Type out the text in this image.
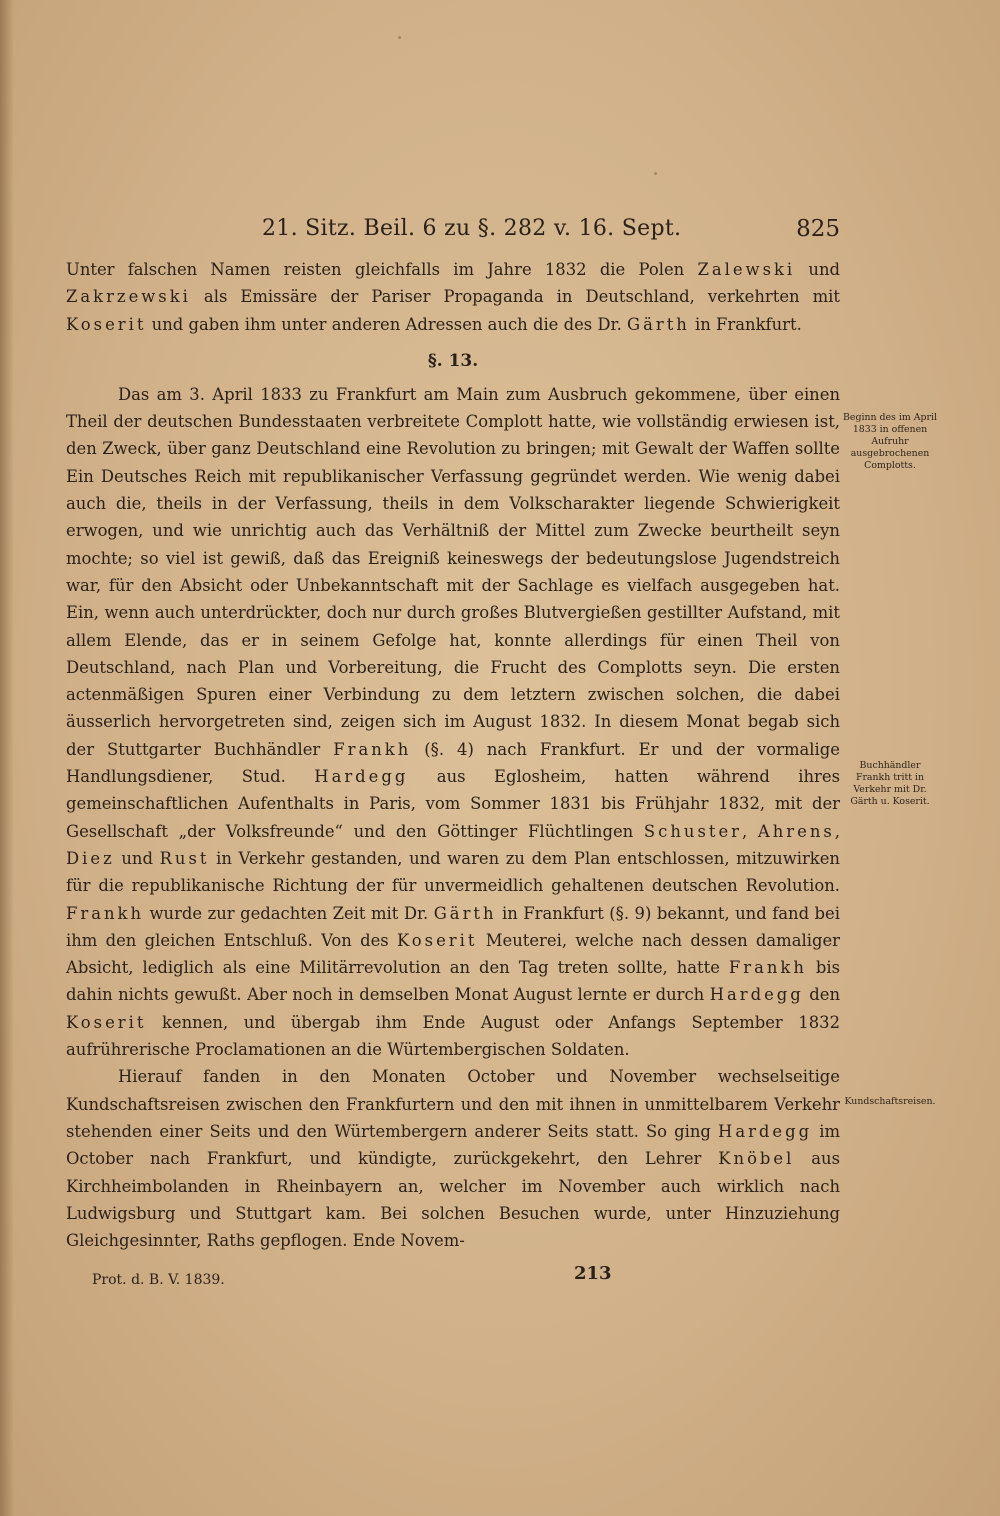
21. Sitz. Beil. 6 zu §. 282 v. 16. Sept.	825

Unter falschen Namen reisten gleichfalls im Jahre 1832 die Polen Zalewski und Zakrzewski als Emissäre der Pariser Propaganda in Deutschland, verkehrten mit Koserit und gaben ihm unter anderen Adressen auch die des Dr. Gärth in Frankfurt.

§. 13.

Das am 3. April 1833 zu Frankfurt am Main zum Ausbruch gekommene, über einen Theil der deutschen Bundesstaaten verbreitete Complott hatte, wie vollständig erwiesen ist, den Zweck, über ganz Deutschland eine Revolution zu bringen; mit Gewalt der Waffen sollte Ein Deutsches Reich mit republikanischer Verfassung gegründet werden. Wie wenig dabei auch die, theils in der Verfassung, theils in dem Volkscharakter liegende Schwierigkeit erwogen, und wie unrichtig auch das Verhältniß der Mittel zum Zwecke beurtheilt seyn mochte; so viel ist gewiß, daß das Ereigniß keineswegs der bedeutungslose Jugendstreich war, für den Absicht oder Unbekanntschaft mit der Sachlage es vielfach ausgegeben hat. Ein, wenn auch unterdrückter, doch nur durch großes Blutvergießen gestillter Aufstand, mit allem Elende, das er in seinem Gefolge hat, konnte allerdings für einen Theil von Deutschland, nach Plan und Vorbereitung, die Frucht des Complotts seyn. Die ersten actenmäßigen Spuren einer Verbindung zu dem letztern zwischen solchen, die dabei äusserlich hervorgetreten sind, zeigen sich im August 1832. In diesem Monat begab sich der Stuttgarter Buchhändler Frankh (§. 4) nach Frankfurt. Er und der vormalige Handlungsdiener, Stud. Hardegg aus Eglosheim, hatten während ihres gemeinschaftlichen Aufenthalts in Paris, vom Sommer 1831 bis Frühjahr 1832, mit der Gesellschaft „der Volksfreunde“ und den Göttinger Flüchtlingen Schuster, Ahrens, Diez und Rust in Verkehr gestanden, und waren zu dem Plan entschlossen, mitzuwirken für die republikanische Richtung der für unvermeidlich gehaltenen deutschen Revolution. Frankh wurde zur gedachten Zeit mit Dr. Gärth in Frankfurt (§. 9) bekannt, und fand bei ihm den gleichen Entschluß. Von des Koserit Meuterei, welche nach dessen damaliger Absicht, lediglich als eine Militärrevolution an den Tag treten sollte, hatte Frankh bis dahin nichts gewußt. Aber noch in demselben Monat August lernte er durch Hardegg den Koserit kennen, und übergab ihm Ende August oder Anfangs September 1832 aufrührerische Proclamationen an die Würtembergischen Soldaten.

Hierauf fanden in den Monaten October und November wechselseitige Kundschaftsreisen zwischen den Frankfurtern und den mit ihnen in unmittelbarem Verkehr stehenden einer Seits und den Würtembergern anderer Seits statt. So ging Hardegg im October nach Frankfurt, und kündigte, zurückgekehrt, den Lehrer Knöbel aus Kirchheimbolanden in Rheinbayern an, welcher im November auch wirklich nach Ludwigsburg und Stuttgart kam. Bei solchen Besuchen wurde, unter Hinzuziehung Gleichgesinnter, Raths gepflogen. Ende Novem-

Beginn des im April 1833 in offenen Aufruhr ausgebrochenen Complotts.
Buchhändler Frankh tritt in Verkehr mit Dr. Gärth u. Koserit.
Kundschaftsreisen.
Prot. d. B. V. 1839.	213
